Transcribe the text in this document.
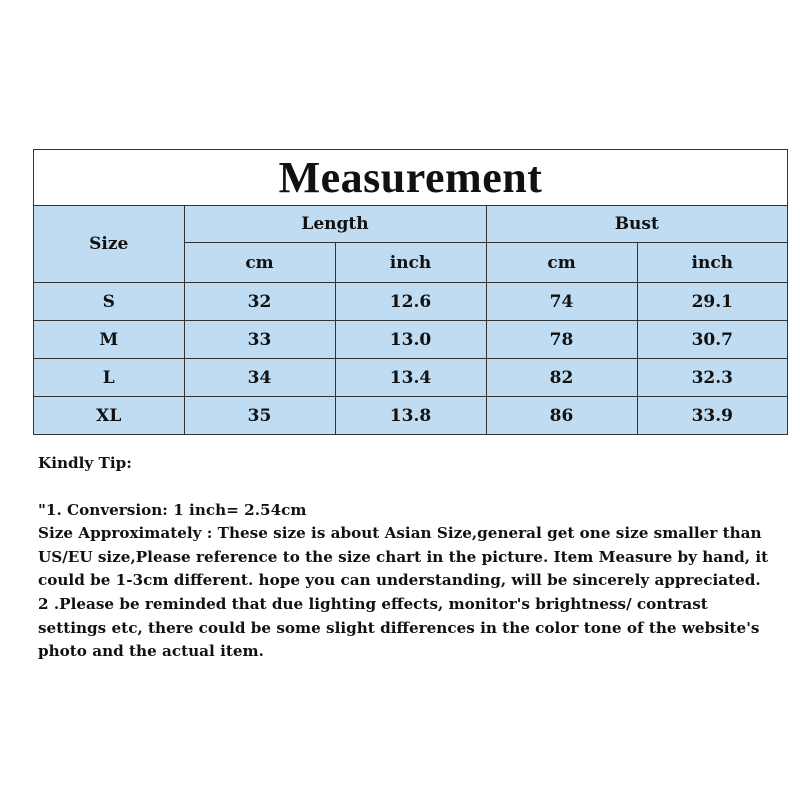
Measurement
Size	Length		Bust	
	cm	inch	cm	inch
S	32	12.6	74	29.1
M	33	13.0	78	30.7
L	34	13.4	82	32.3
XL	35	13.8	86	33.9

Kindly Tip:

"1. Conversion: 1 inch= 2.54cm

Size Approximately : These size is about Asian Size,general get one size smaller than US/EU size,Please reference to the size chart in the picture. Item Measure by hand, it could be 1-3cm different. hope you can understanding, will be sincerely appreciated.

2 .Please be reminded that due lighting effects, monitor's brightness/ contrast settings etc, there could be some slight differences in the color tone of the website's photo and the actual item.
